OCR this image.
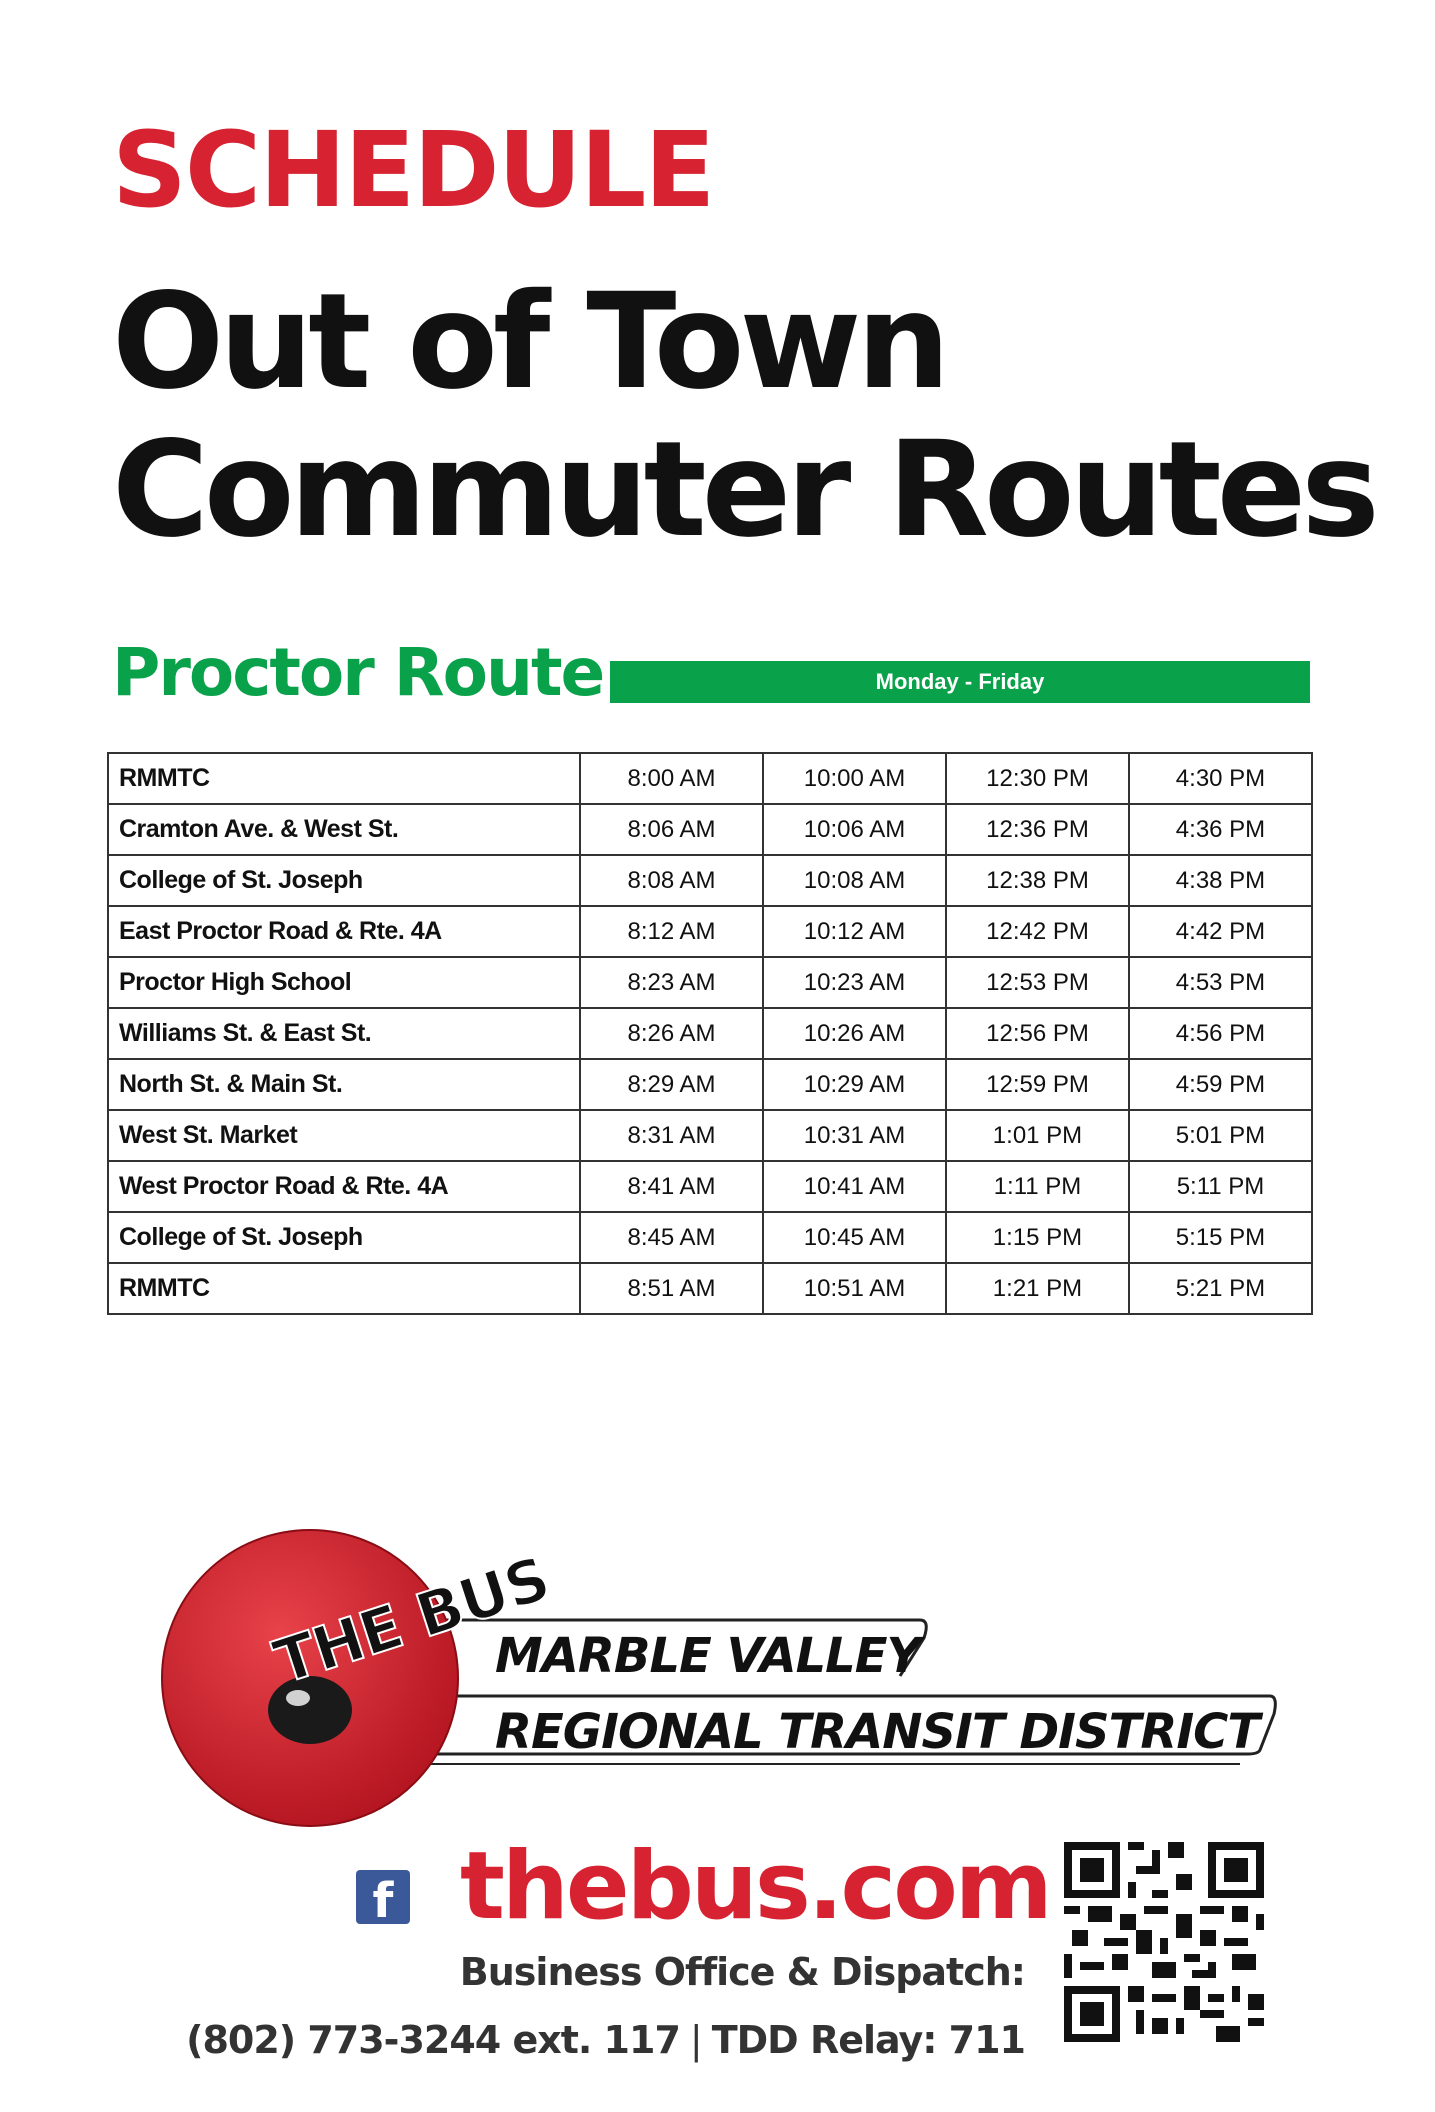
SCHEDULE
Out of Town
Commuter Routes
Proctor Route	Monday - Friday
RMMTC	8:00 AM	10:00 AM	12:30 PM	4:30 PM
Cramton Ave. & West St.	8:06 AM	10:06 AM	12:36 PM	4:36 PM
College of St. Joseph	8:08 AM	10:08 AM	12:38 PM	4:38 PM
East Proctor Road & Rte. 4A	8:12 AM	10:12 AM	12:42 PM	4:42 PM
Proctor High School	8:23 AM	10:23 AM	12:53 PM	4:53 PM
Williams St. & East St.	8:26 AM	10:26 AM	12:56 PM	4:56 PM
North St. & Main St.	8:29 AM	10:29 AM	12:59 PM	4:59 PM
West St. Market	8:31 AM	10:31 AM	1:01 PM	5:01 PM
West Proctor Road & Rte. 4A	8:41 AM	10:41 AM	1:11 PM	5:11 PM
College of St. Joseph	8:45 AM	10:45 AM	1:15 PM	5:15 PM
RMMTC	8:51 AM	10:51 AM	1:21 PM	5:21 PM
THE BUS
MARBLE VALLEY
REGIONAL TRANSIT DISTRICT
f thebus.com
Business Office & Dispatch:
(802) 773-3244 ext. 117 | TDD Relay: 711
